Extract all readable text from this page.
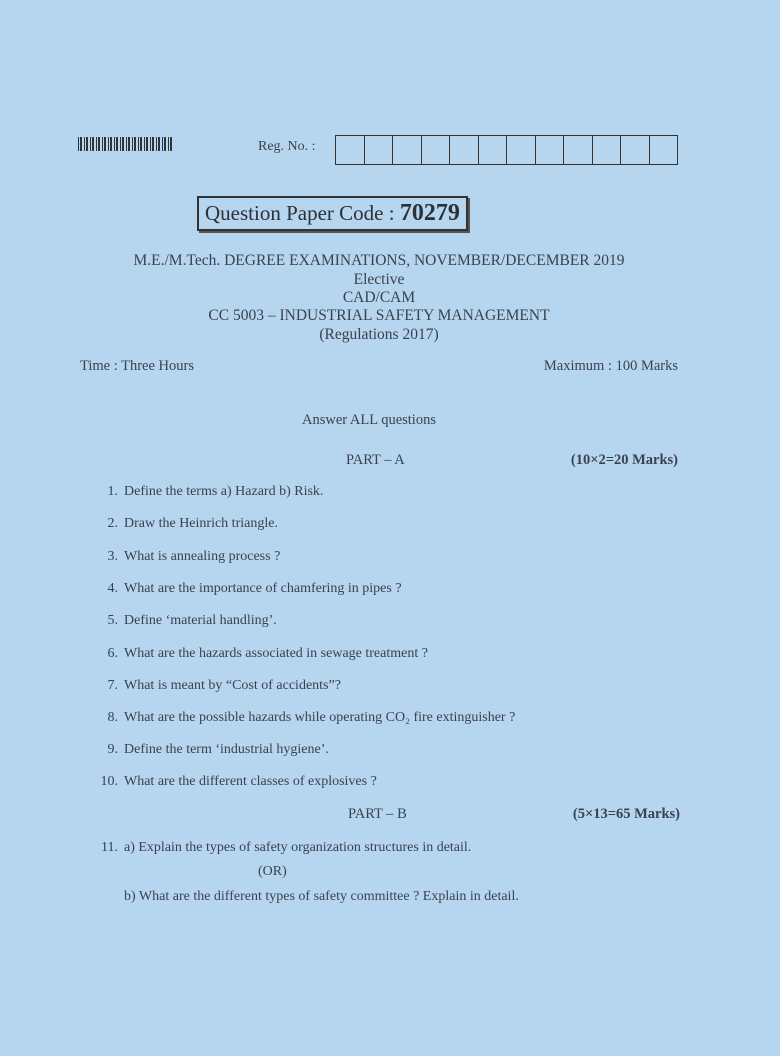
Reg. No. :
Question Paper Code : 70279
M.E./M.Tech. DEGREE EXAMINATIONS, NOVEMBER/DECEMBER 2019
Elective
CAD/CAM
CC 5003 – INDUSTRIAL SAFETY MANAGEMENT
(Regulations 2017)
Time : Three Hours	Maximum : 100 Marks
Answer ALL questions
PART – A	(10×2=20 Marks)
1. Define the terms a) Hazard b) Risk.
2. Draw the Heinrich triangle.
3. What is annealing process ?
4. What are the importance of chamfering in pipes ?
5. Define ‘material handling’.
6. What are the hazards associated in sewage treatment ?
7. What is meant by “Cost of accidents”?
8. What are the possible hazards while operating CO₂ fire extinguisher ?
9. Define the term ‘industrial hygiene’.
10. What are the different classes of explosives ?
PART – B	(5×13=65 Marks)
11. a) Explain the types of safety organization structures in detail.
(OR)
b) What are the different types of safety committee ? Explain in detail.
